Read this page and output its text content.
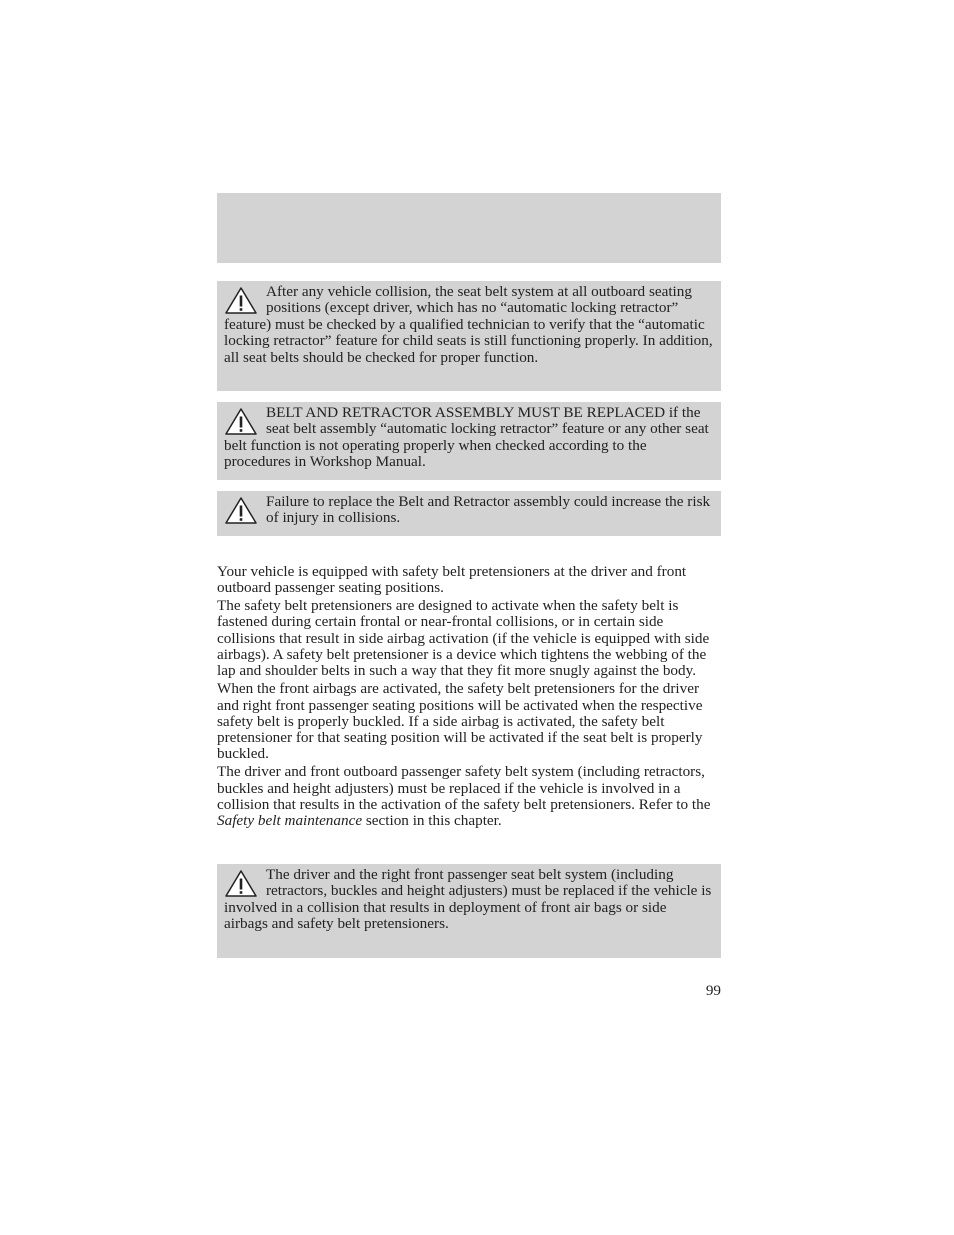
After any vehicle collision, the seat belt system at all outboard seating positions (except driver, which has no “automatic locking retractor” feature) must be checked by a qualified technician to verify that the “automatic locking retractor” feature for child seats is still functioning properly. In addition, all seat belts should be checked for proper function.

BELT AND RETRACTOR ASSEMBLY MUST BE REPLACED if the seat belt assembly “automatic locking retractor” feature or any other seat belt function is not operating properly when checked according to the procedures in Workshop Manual.

Failure to replace the Belt and Retractor assembly could increase the risk of injury in collisions.

Your vehicle is equipped with safety belt pretensioners at the driver and front outboard passenger seating positions.

The safety belt pretensioners are designed to activate when the safety belt is fastened during certain frontal or near-frontal collisions, or in certain side collisions that result in side airbag activation (if the vehicle is equipped with side airbags). A safety belt pretensioner is a device which tightens the webbing of the lap and shoulder belts in such a way that they fit more snugly against the body.

When the front airbags are activated, the safety belt pretensioners for the driver and right front passenger seating positions will be activated when the respective safety belt is properly buckled. If a side airbag is activated, the safety belt pretensioner for that seating position will be activated if the seat belt is properly buckled.

The driver and front outboard passenger safety belt system (including retractors, buckles and height adjusters) must be replaced if the vehicle is involved in a collision that results in the activation of the safety belt pretensioners. Refer to the Safety belt maintenance section in this chapter.

The driver and the right front passenger seat belt system (including retractors, buckles and height adjusters) must be replaced if the vehicle is involved in a collision that results in deployment of front air bags or side airbags and safety belt pretensioners.

99
